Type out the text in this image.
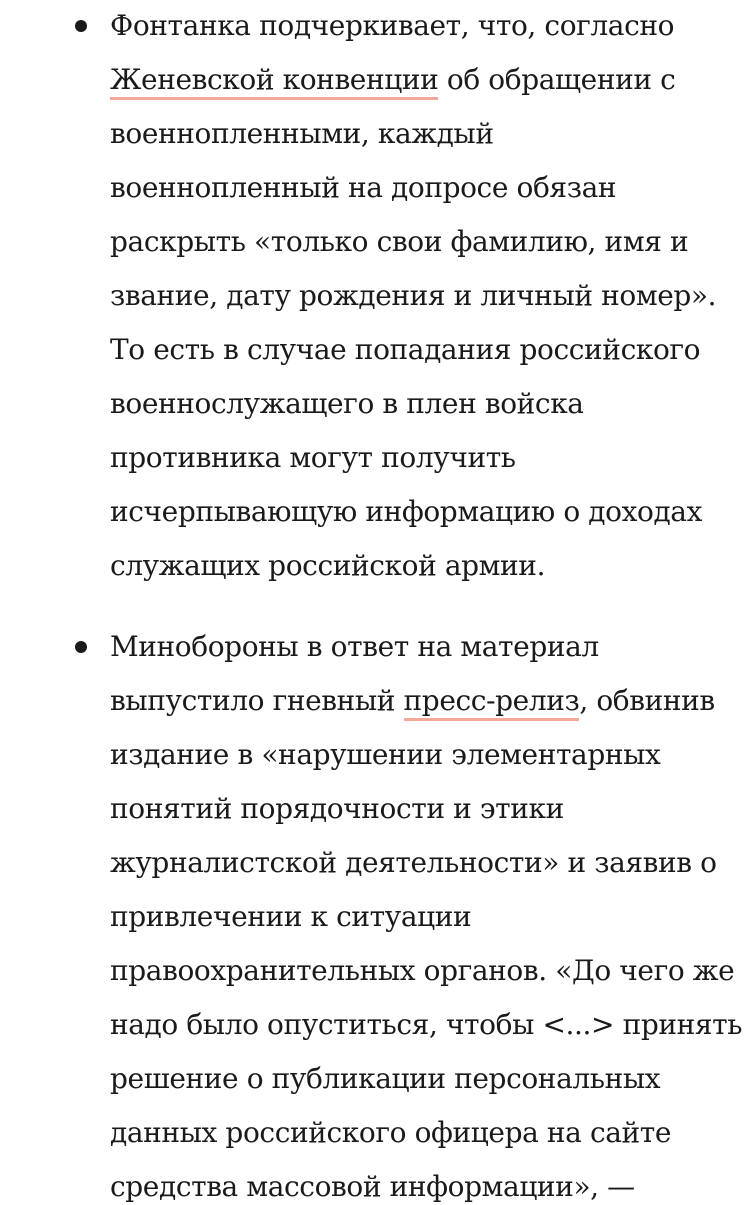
Фонтанка подчеркивает, что, согласно
Женевской конвенции об обращении с
военнопленными, каждый
военнопленный на допросе обязан
раскрыть «только свои фамилию, имя и
звание, дату рождения и личный номер».
То есть в случае попадания российского
военнослужащего в плен войска
противника могут получить
исчерпывающую информацию о доходах
служащих российской армии.

Минобороны в ответ на материал
выпустило гневный пресс-релиз, обвинив
издание в «нарушении элементарных
понятий порядочности и этики
журналистской деятельности» и заявив о
привлечении к ситуации
правоохранительных органов. «До чего же
надо было опуститься, чтобы <...> принять
решение о публикации персональных
данных российского офицера на сайте
средства массовой информации», —
